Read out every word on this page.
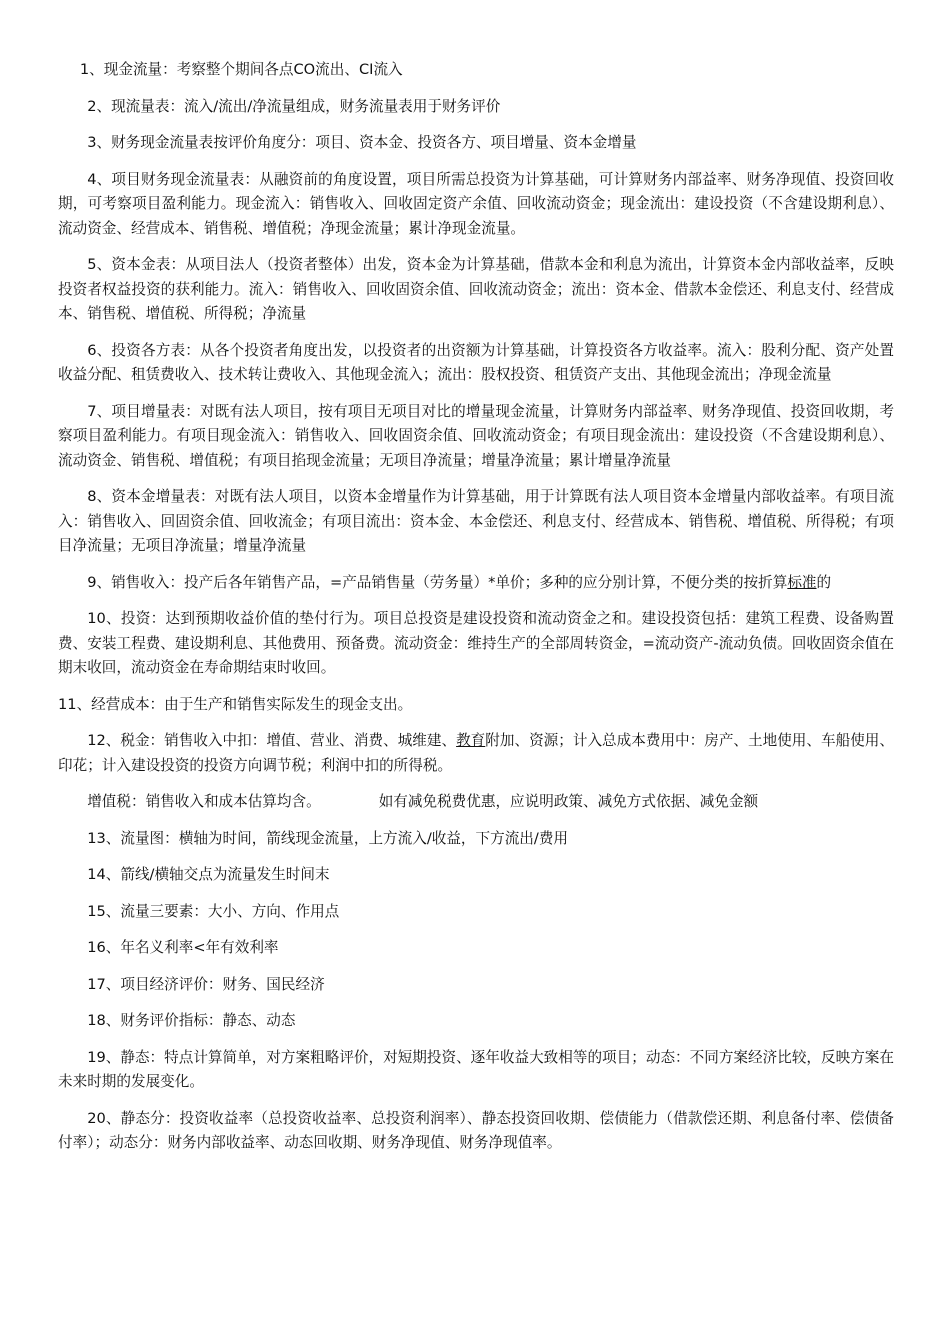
1、现金流量：考察整个期间各点CO流出、CI流入

2、现流量表：流入/流出/净流量组成，财务流量表用于财务评价

3、财务现金流量表按评价角度分：项目、资本金、投资各方、项目增量、资本金增量

4、项目财务现金流量表：从融资前的角度设置，项目所需总投资为计算基础，可计算财务内部益率、财务净现值、投资回收期，可考察项目盈利能力。现金流入：销售收入、回收固定资产余值、回收流动资金；现金流出：建设投资（不含建设期利息）、流动资金、经营成本、销售税、增值税；净现金流量；累计净现金流量。

5、资本金表：从项目法人（投资者整体）出发，资本金为计算基础，借款本金和利息为流出，计算资本金内部收益率，反映投资者权益投资的获利能力。流入：销售收入、回收固资余值、回收流动资金；流出：资本金、借款本金偿还、利息支付、经营成本、销售税、增值税、所得税；净流量

6、投资各方表：从各个投资者角度出发，以投资者的出资额为计算基础，计算投资各方收益率。流入：股利分配、资产处置收益分配、租赁费收入、技术转让费收入、其他现金流入；流出：股权投资、租赁资产支出、其他现金流出；净现金流量

7、项目增量表：对既有法人项目，按有项目无项目对比的增量现金流量，计算财务内部益率、财务净现值、投资回收期，考察项目盈利能力。有项目现金流入：销售收入、回收固资余值、回收流动资金；有项目现金流出：建设投资（不含建设期利息）、流动资金、销售税、增值税；有项目掐现金流量；无项目净流量；增量净流量；累计增量净流量

8、资本金增量表：对既有法人项目，以资本金增量作为计算基础，用于计算既有法人项目资本金增量内部收益率。有项目流入：销售收入、回固资余值、回收流金；有项目流出：资本金、本金偿还、利息支付、经营成本、销售税、增值税、所得税；有项目净流量；无项目净流量；增量净流量

9、销售收入：投产后各年销售产品，=产品销售量（劳务量）*单价；多种的应分别计算，不便分类的按折算标准的

10、投资：达到预期收益价值的垫付行为。项目总投资是建设投资和流动资金之和。建设投资包括：建筑工程费、设备购置费、安装工程费、建设期利息、其他费用、预备费。流动资金：维持生产的全部周转资金，=流动资产-流动负债。回收固资余值在期末收回，流动资金在寿命期结束时收回。

11、经营成本：由于生产和销售实际发生的现金支出。

12、税金：销售收入中扣：增值、营业、消费、城维建、教育附加、资源；计入总成本费用中：房产、土地使用、车船使用、印花；计入建设投资的投资方向调节税；利润中扣的所得税。

增值税：销售收入和成本估算均含。	如有减免税费优惠，应说明政策、减免方式依据、减免金额

13、流量图：横轴为时间，箭线现金流量，上方流入/收益，下方流出/费用

14、箭线/横轴交点为流量发生时间末

15、流量三要素：大小、方向、作用点

16、年名义利率<年有效利率

17、项目经济评价：财务、国民经济

18、财务评价指标：静态、动态

19、静态：特点计算简单，对方案粗略评价，对短期投资、逐年收益大致相等的项目；动态：不同方案经济比较，反映方案在未来时期的发展变化。

20、静态分：投资收益率（总投资收益率、总投资利润率）、静态投资回收期、偿债能力（借款偿还期、利息备付率、偿债备付率）；动态分：财务内部收益率、动态回收期、财务净现值、财务净现值率。
